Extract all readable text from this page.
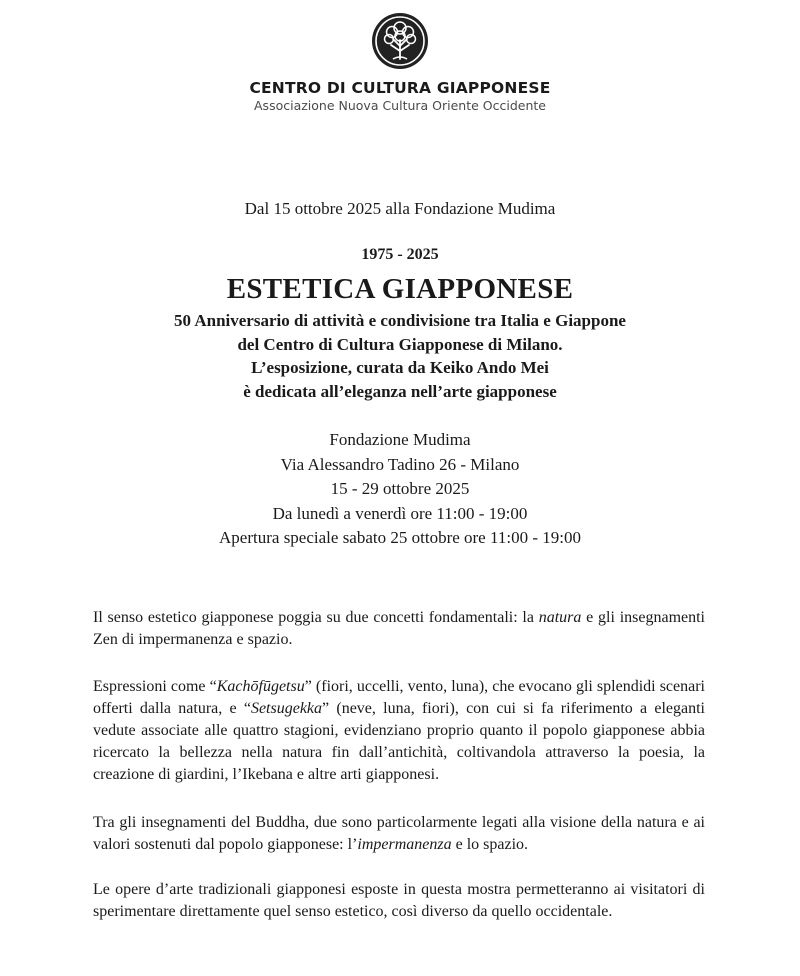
CENTRO DI CULTURA GIAPPONESE

Associazione Nuova Cultura Oriente Occidente

Dal 15 ottobre 2025 alla Fondazione Mudima
1975 - 2025
ESTETICA GIAPPONESE
50 Anniversario di attività e condivisione tra Italia e Giappone
del Centro di Cultura Giapponese di Milano.
L’esposizione, curata da Keiko Ando Mei
è dedicata all’eleganza nell’arte giapponese
Fondazione Mudima
Via Alessandro Tadino 26 - Milano
15 - 29 ottobre 2025
Da lunedì a venerdì ore 11:00 - 19:00
Apertura speciale sabato 25 ottobre ore 11:00 - 19:00

Il senso estetico giapponese poggia su due concetti fondamentali: la natura e gli insegnamenti Zen di impermanenza e spazio.

Espressioni come “Kachōfūgetsu” (fiori, uccelli, vento, luna), che evocano gli splendidi scenari offerti dalla natura, e “Setsugekka” (neve, luna, fiori), con cui si fa riferimento a eleganti vedute associate alle quattro stagioni, evidenziano proprio quanto il popolo giapponese abbia ricercato la bellezza nella natura fin dall’antichità, coltivandola attraverso la poesia, la creazione di giardini, l’Ikebana e altre arti giapponesi.

Tra gli insegnamenti del Buddha, due sono particolarmente legati alla visione della natura e ai valori sostenuti dal popolo giapponese: l’impermanenza e lo spazio.

Le opere d’arte tradizionali giapponesi esposte in questa mostra permetteranno ai visitatori di sperimentare direttamente quel senso estetico, così diverso da quello occidentale.
